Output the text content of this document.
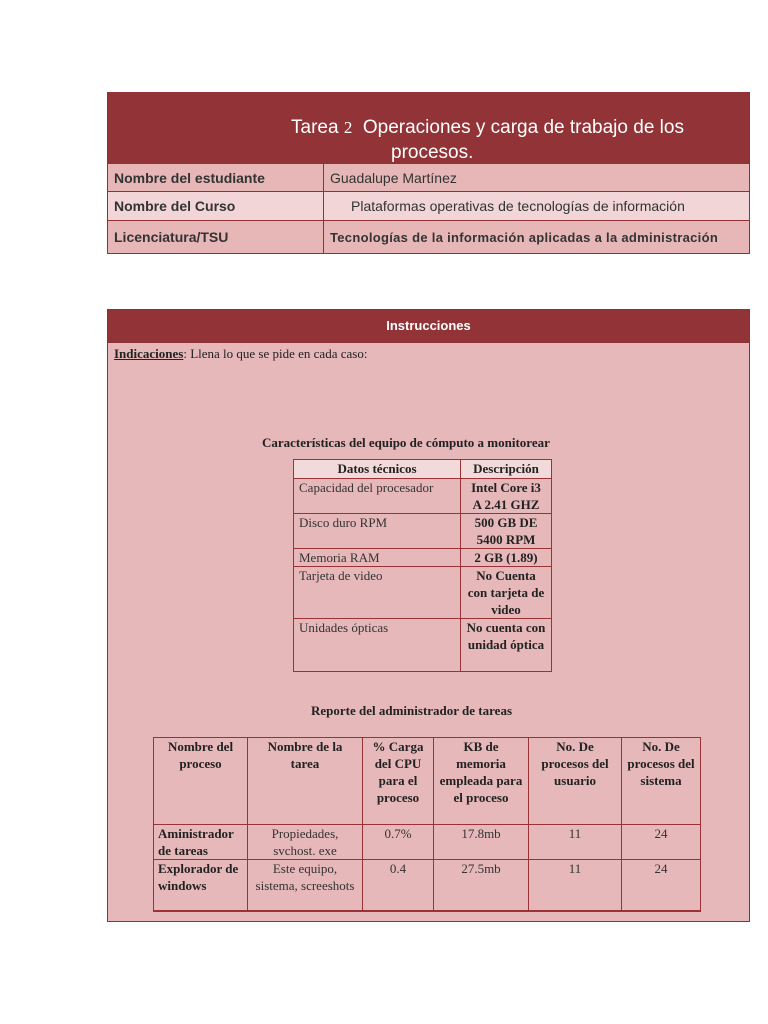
Tarea 2 Operaciones y carga de trabajo de los
procesos.
Nombre del estudiante	Guadalupe Martínez
Nombre del Curso	Plataformas operativas de tecnologías de información
Licenciatura/TSU	Tecnologías de la información aplicadas a la administración
Instrucciones
Indicaciones: Llena lo que se pide en cada caso:
Características del equipo de cómputo a monitorear
Datos técnicos	Descripción
Capacidad del procesador	Intel Core i3 A 2.41 GHZ
Disco duro RPM	500 GB DE 5400 RPM
Memoria RAM	2 GB (1.89)
Tarjeta de video	No Cuenta con tarjeta de video
Unidades ópticas	No cuenta con unidad óptica
Reporte del administrador de tareas
Nombre del proceso	Nombre de la tarea	% Carga del CPU para el proceso	KB de memoria empleada para el proceso	No. De procesos del usuario	No. De procesos del sistema
Aministrador de tareas	Propiedades, svchost. exe	0.7%	17.8mb	11	24
Explorador de windows	Este equipo, sistema, screeshots	0.4	27.5mb	11	24
